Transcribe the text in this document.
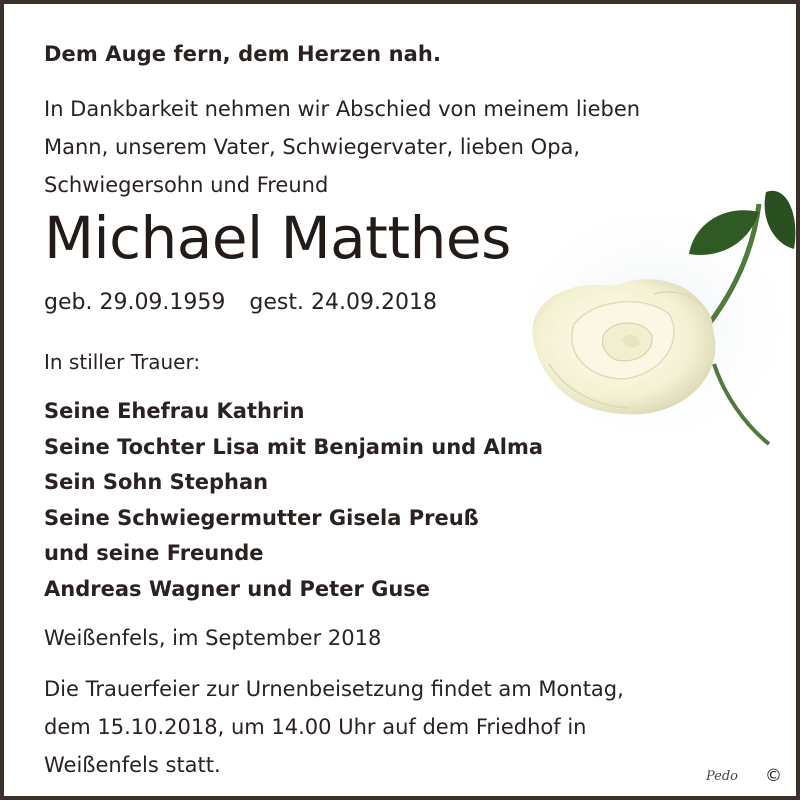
Dem Auge fern, dem Herzen nah.

In Dankbarkeit nehmen wir Abschied von meinem lieben
Mann, unserem Vater, Schwiegervater, lieben Opa,
Schwiegersohn und Freund
Michael Matthes
geb. 29.09.1959 gest. 24.09.2018

In stiller Trauer:

Seine Ehefrau Kathrin
Seine Tochter Lisa mit Benjamin und Alma
Sein Sohn Stephan
Seine Schwiegermutter Gisela Preuß
und seine Freunde
Andreas Wagner und Peter Guse

Weißenfels, im September 2018

Die Trauerfeier zur Urnenbeisetzung findet am Montag,
dem 15.10.2018, um 14.00 Uhr auf dem Friedhof in
Weißenfels statt.	Pedo ©
